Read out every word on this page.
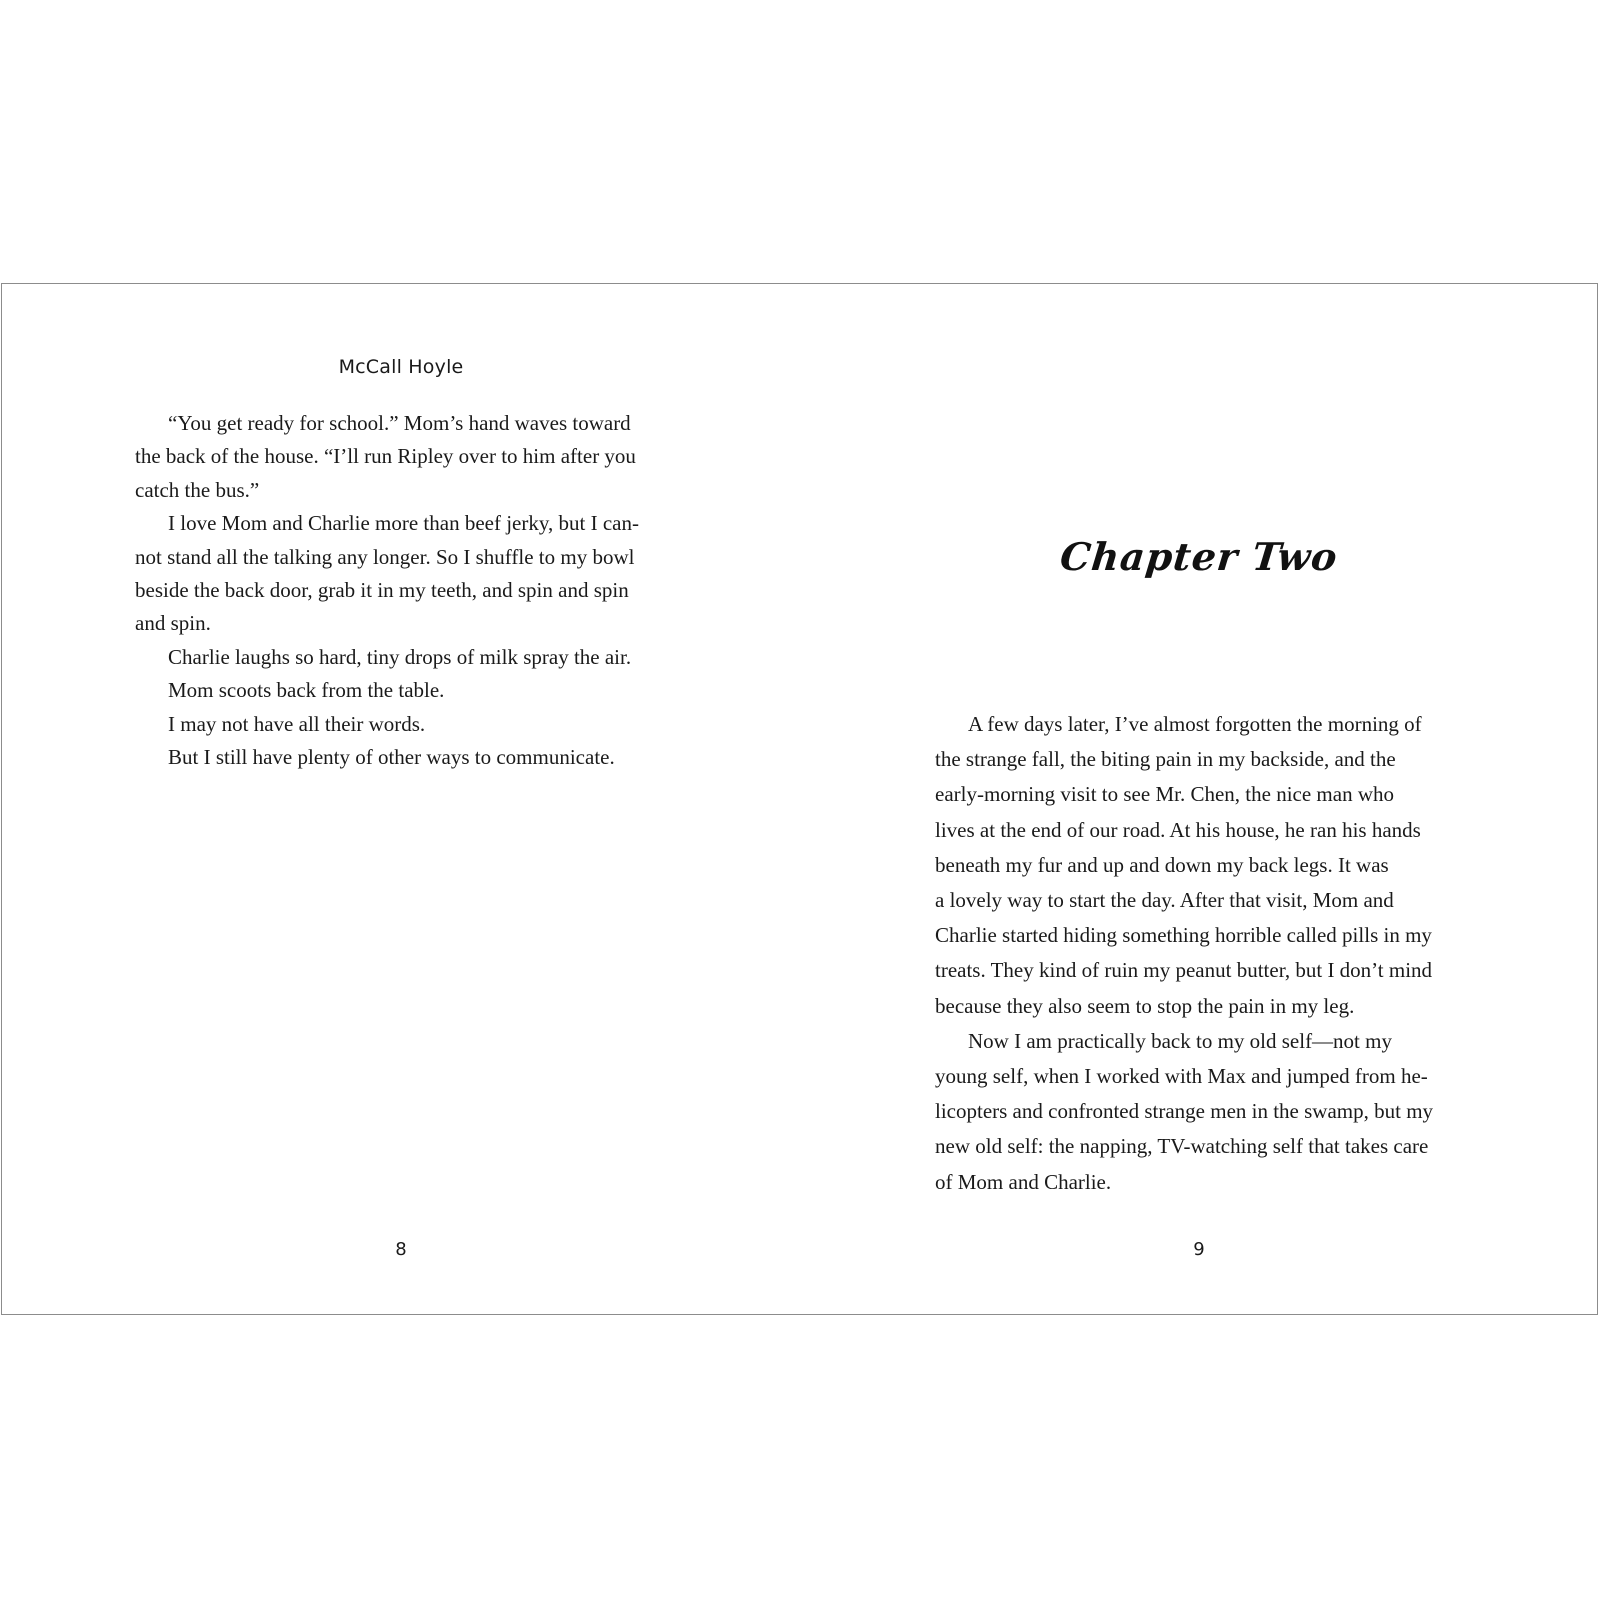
McCall Hoyle
“You get ready for school.” Mom’s hand waves toward
the back of the house. “I’ll run Ripley over to him after you
catch the bus.”
I love Mom and Charlie more than beef jerky, but I can-
not stand all the talking any longer. So I shuffle to my bowl
beside the back door, grab it in my teeth, and spin and spin
and spin.
Charlie laughs so hard, tiny drops of milk spray the air.
Mom scoots back from the table.
I may not have all their words.
But I still have plenty of other ways to communicate.
8
Chapter Two
A few days later, I’ve almost forgotten the morning of
the strange fall, the biting pain in my backside, and the
early-morning visit to see Mr. Chen, the nice man who
lives at the end of our road. At his house, he ran his hands
beneath my fur and up and down my back legs. It was
a lovely way to start the day. After that visit, Mom and
Charlie started hiding something horrible called pills in my
treats. They kind of ruin my peanut butter, but I don’t mind
because they also seem to stop the pain in my leg.
Now I am practically back to my old self—not my
young self, when I worked with Max and jumped from he-
licopters and confronted strange men in the swamp, but my
new old self: the napping, TV-watching self that takes care
of Mom and Charlie.
9
